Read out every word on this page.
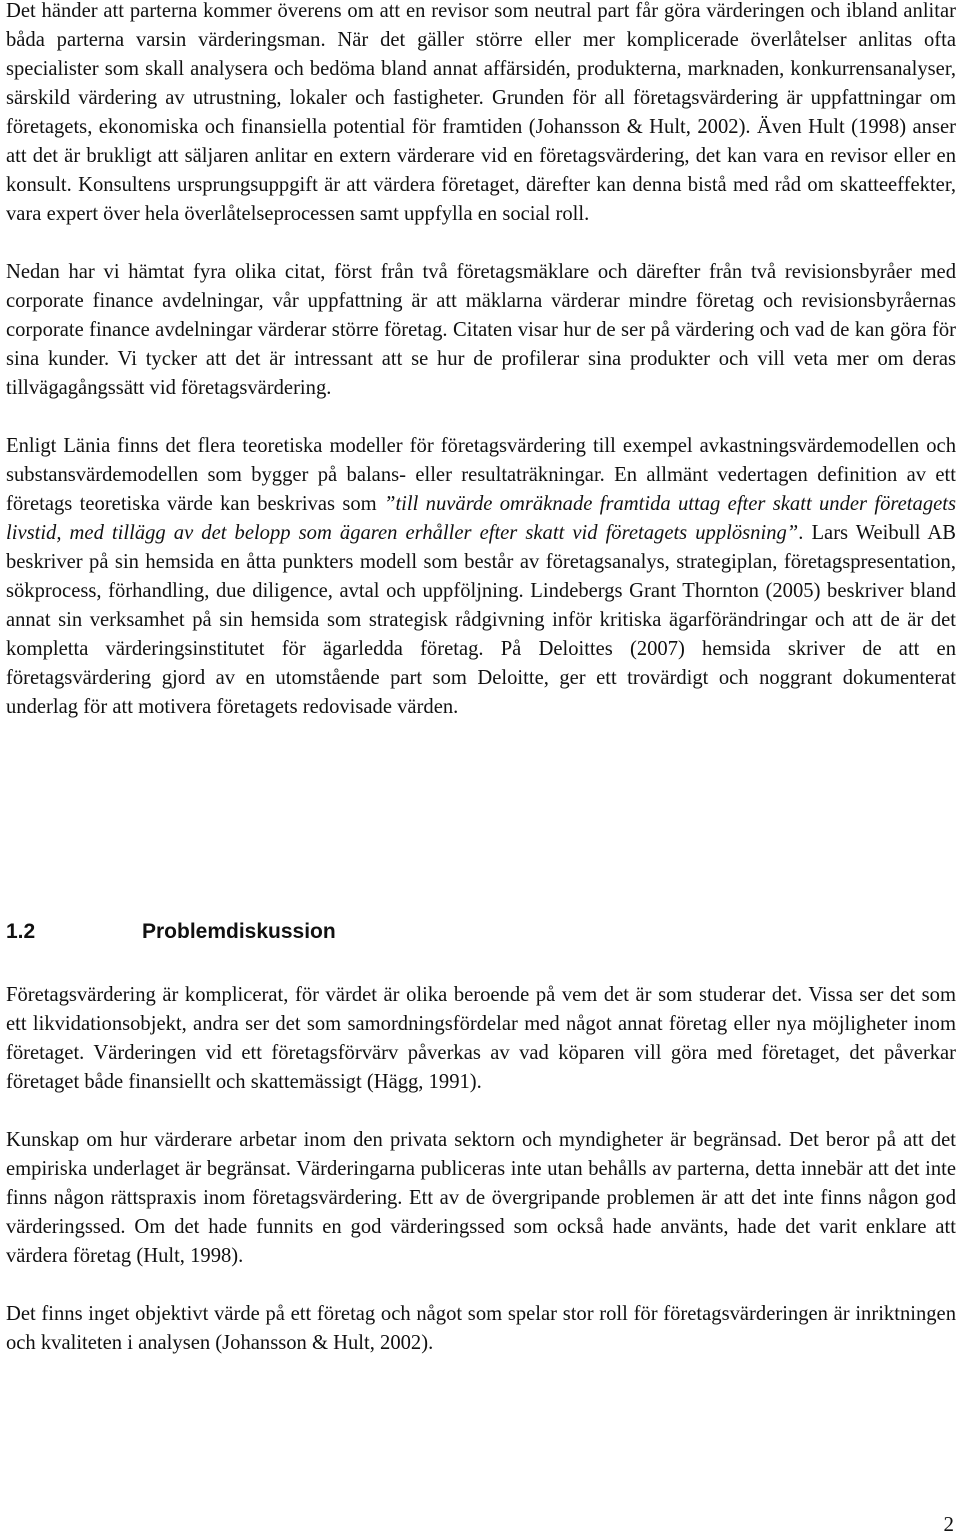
Det händer att parterna kommer överens om att en revisor som neutral part får göra värderingen och ibland anlitar båda parterna varsin värderingsman. När det gäller större eller mer komplicerade överlåtelser anlitas ofta specialister som skall analysera och bedöma bland annat affärsidén, produkterna, marknaden, konkurrensanalyser, särskild värdering av utrustning, lokaler och fastigheter. Grunden för all företagsvärdering är uppfattningar om företagets, ekonomiska och finansiella potential för framtiden (Johansson & Hult, 2002). Även Hult (1998) anser att det är brukligt att säljaren anlitar en extern värderare vid en företagsvärdering, det kan vara en revisor eller en konsult. Konsultens ursprungsuppgift är att värdera företaget, därefter kan denna bistå med råd om skatteeffekter, vara expert över hela överlåtelseprocessen samt uppfylla en social roll.

Nedan har vi hämtat fyra olika citat, först från två företagsmäklare och därefter från två revisionsbyråer med corporate finance avdelningar, vår uppfattning är att mäklarna värderar mindre företag och revisionsbyråernas corporate finance avdelningar värderar större företag. Citaten visar hur de ser på värdering och vad de kan göra för sina kunder. Vi tycker att det är intressant att se hur de profilerar sina produkter och vill veta mer om deras tillvägagångssätt vid företagsvärdering.

Enligt Länia finns det flera teoretiska modeller för företagsvärdering till exempel avkastningsvärdemodellen och substansvärdemodellen som bygger på balans- eller resultaträkningar. En allmänt vedertagen definition av ett företags teoretiska värde kan beskrivas som ”till nuvärde omräknade framtida uttag efter skatt under företagets livstid, med tillägg av det belopp som ägaren erhåller efter skatt vid företagets upplösning”. Lars Weibull AB beskriver på sin hemsida en åtta punkters modell som består av företagsanalys, strategiplan, företagspresentation, sökprocess, förhandling, due diligence, avtal och uppföljning. Lindebergs Grant Thornton (2005) beskriver bland annat sin verksamhet på sin hemsida som strategisk rådgivning inför kritiska ägarförändringar och att de är det kompletta värderingsinstitutet för ägarledda företag. På Deloittes (2007) hemsida skriver de att en företagsvärdering gjord av en utomstående part som Deloitte, ger ett trovärdigt och noggrant dokumenterat underlag för att motivera företagets redovisade värden.

1.2	Problemdiskussion

Företagsvärdering är komplicerat, för värdet är olika beroende på vem det är som studerar det. Vissa ser det som ett likvidationsobjekt, andra ser det som samordningsfördelar med något annat företag eller nya möjligheter inom företaget. Värderingen vid ett företagsförvärv påverkas av vad köparen vill göra med företaget, det påverkar företaget både finansiellt och skattemässigt (Hägg, 1991).

Kunskap om hur värderare arbetar inom den privata sektorn och myndigheter är begränsad. Det beror på att det empiriska underlaget är begränsat. Värderingarna publiceras inte utan behålls av parterna, detta innebär att det inte finns någon rättspraxis inom företagsvärdering. Ett av de övergripande problemen är att det inte finns någon god värderingssed. Om det hade funnits en god värderingssed som också hade använts, hade det varit enklare att värdera företag (Hult, 1998).

Det finns inget objektivt värde på ett företag och något som spelar stor roll för företagsvärderingen är inriktningen och kvaliteten i analysen (Johansson & Hult, 2002).

2
